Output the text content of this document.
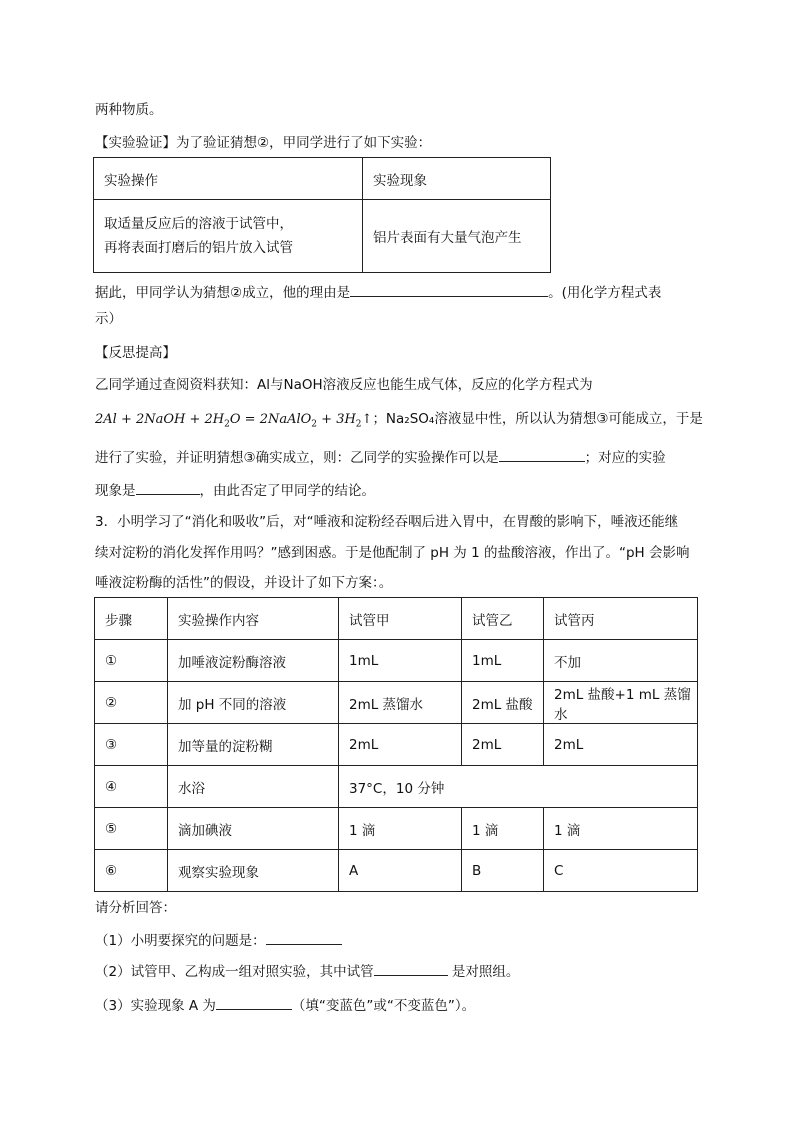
两种物质。
【实验验证】为了验证猜想②，甲同学进行了如下实验：
实验操作	实验现象

取适量反应后的溶液于试管中，
再将表面打磨后的铝片放入试管	铝片表面有大量气泡产生
据此，甲同学认为猜想②成立，他的理由是	。(用化学方程式表
示）
【反思提高】
乙同学通过查阅资料获知：Al与NaOH溶液反应也能生成气体，反应的化学方程式为
2Al + 2NaOH + $2H_2O$ = 2NaAlO$_2$ + $3H_2↑$；Na₂SO₄溶液显中性，所以认为猜想③可能成立，于是
进行了实验，并证明猜想③确实成立，则：乙同学的实验操作可以是	；对应的实验
现象是	，由此否定了甲同学的结论。
3．小明学习了“消化和吸收”后，对“唾液和淀粉经吞咽后进入胃中，在胃酸的影响下，唾液还能继
续对淀粉的消化发挥作用吗？”感到困惑。于是他配制了 pH 为 1 的盐酸溶液，作出了。“pH 会影响
唾液淀粉酶的活性”的假设，并设计了如下方案：。
步骤	实验操作内容	试管甲	试管乙	试管丙
①	加唾液淀粉酶溶液	1mL	1mL	不加
②	加 pH 不同的溶液	2mL 蒸馏水	2mL 盐酸	2mL 盐酸+1 mL 蒸馏水
③	加等量的淀粉糊	2mL	2mL	2mL
④	水浴	37°C，10 分钟		
⑤	滴加碘液	1 滴	1 滴	1 滴
⑥	观察实验现象	A	B	C
请分析回答：
（1）小明要探究的问题是：
（2）试管甲、乙构成一组对照实验，其中试管	是对照组。
（3）实验现象 A 为	（填“变蓝色”或“不变蓝色”）。
